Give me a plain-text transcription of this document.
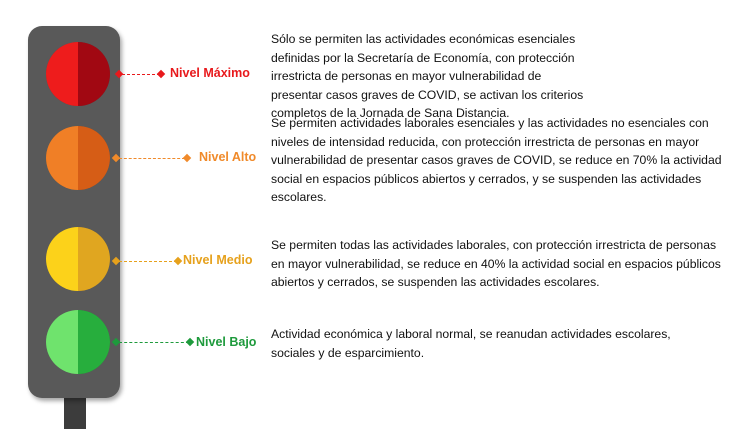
Nivel Máximo
Nivel Alto
Nivel Medio
Nivel Bajo
Sólo se permiten las actividades económicas esenciales definidas por la Secretaría de Economía, con protección irrestricta de personas en mayor vulnerabilidad de presentar casos graves de COVID, se activan los criterios completos de la Jornada de Sana Distancia.
Se permiten actividades laborales esenciales y las actividades no esenciales con niveles de intensidad reducida, con protección irrestricta de personas en mayor vulnerabilidad de presentar casos graves de COVID, se reduce en 70% la actividad social en espacios públicos abiertos y cerrados, y se suspenden las actividades escolares.
Se permiten todas las actividades laborales, con protección irrestricta de personas en mayor vulnerabilidad, se reduce en 40% la actividad social en espacios públicos abiertos y cerrados, se suspenden las actividades escolares.
Actividad económica y laboral normal, se reanudan actividades escolares, sociales y de esparcimiento.
